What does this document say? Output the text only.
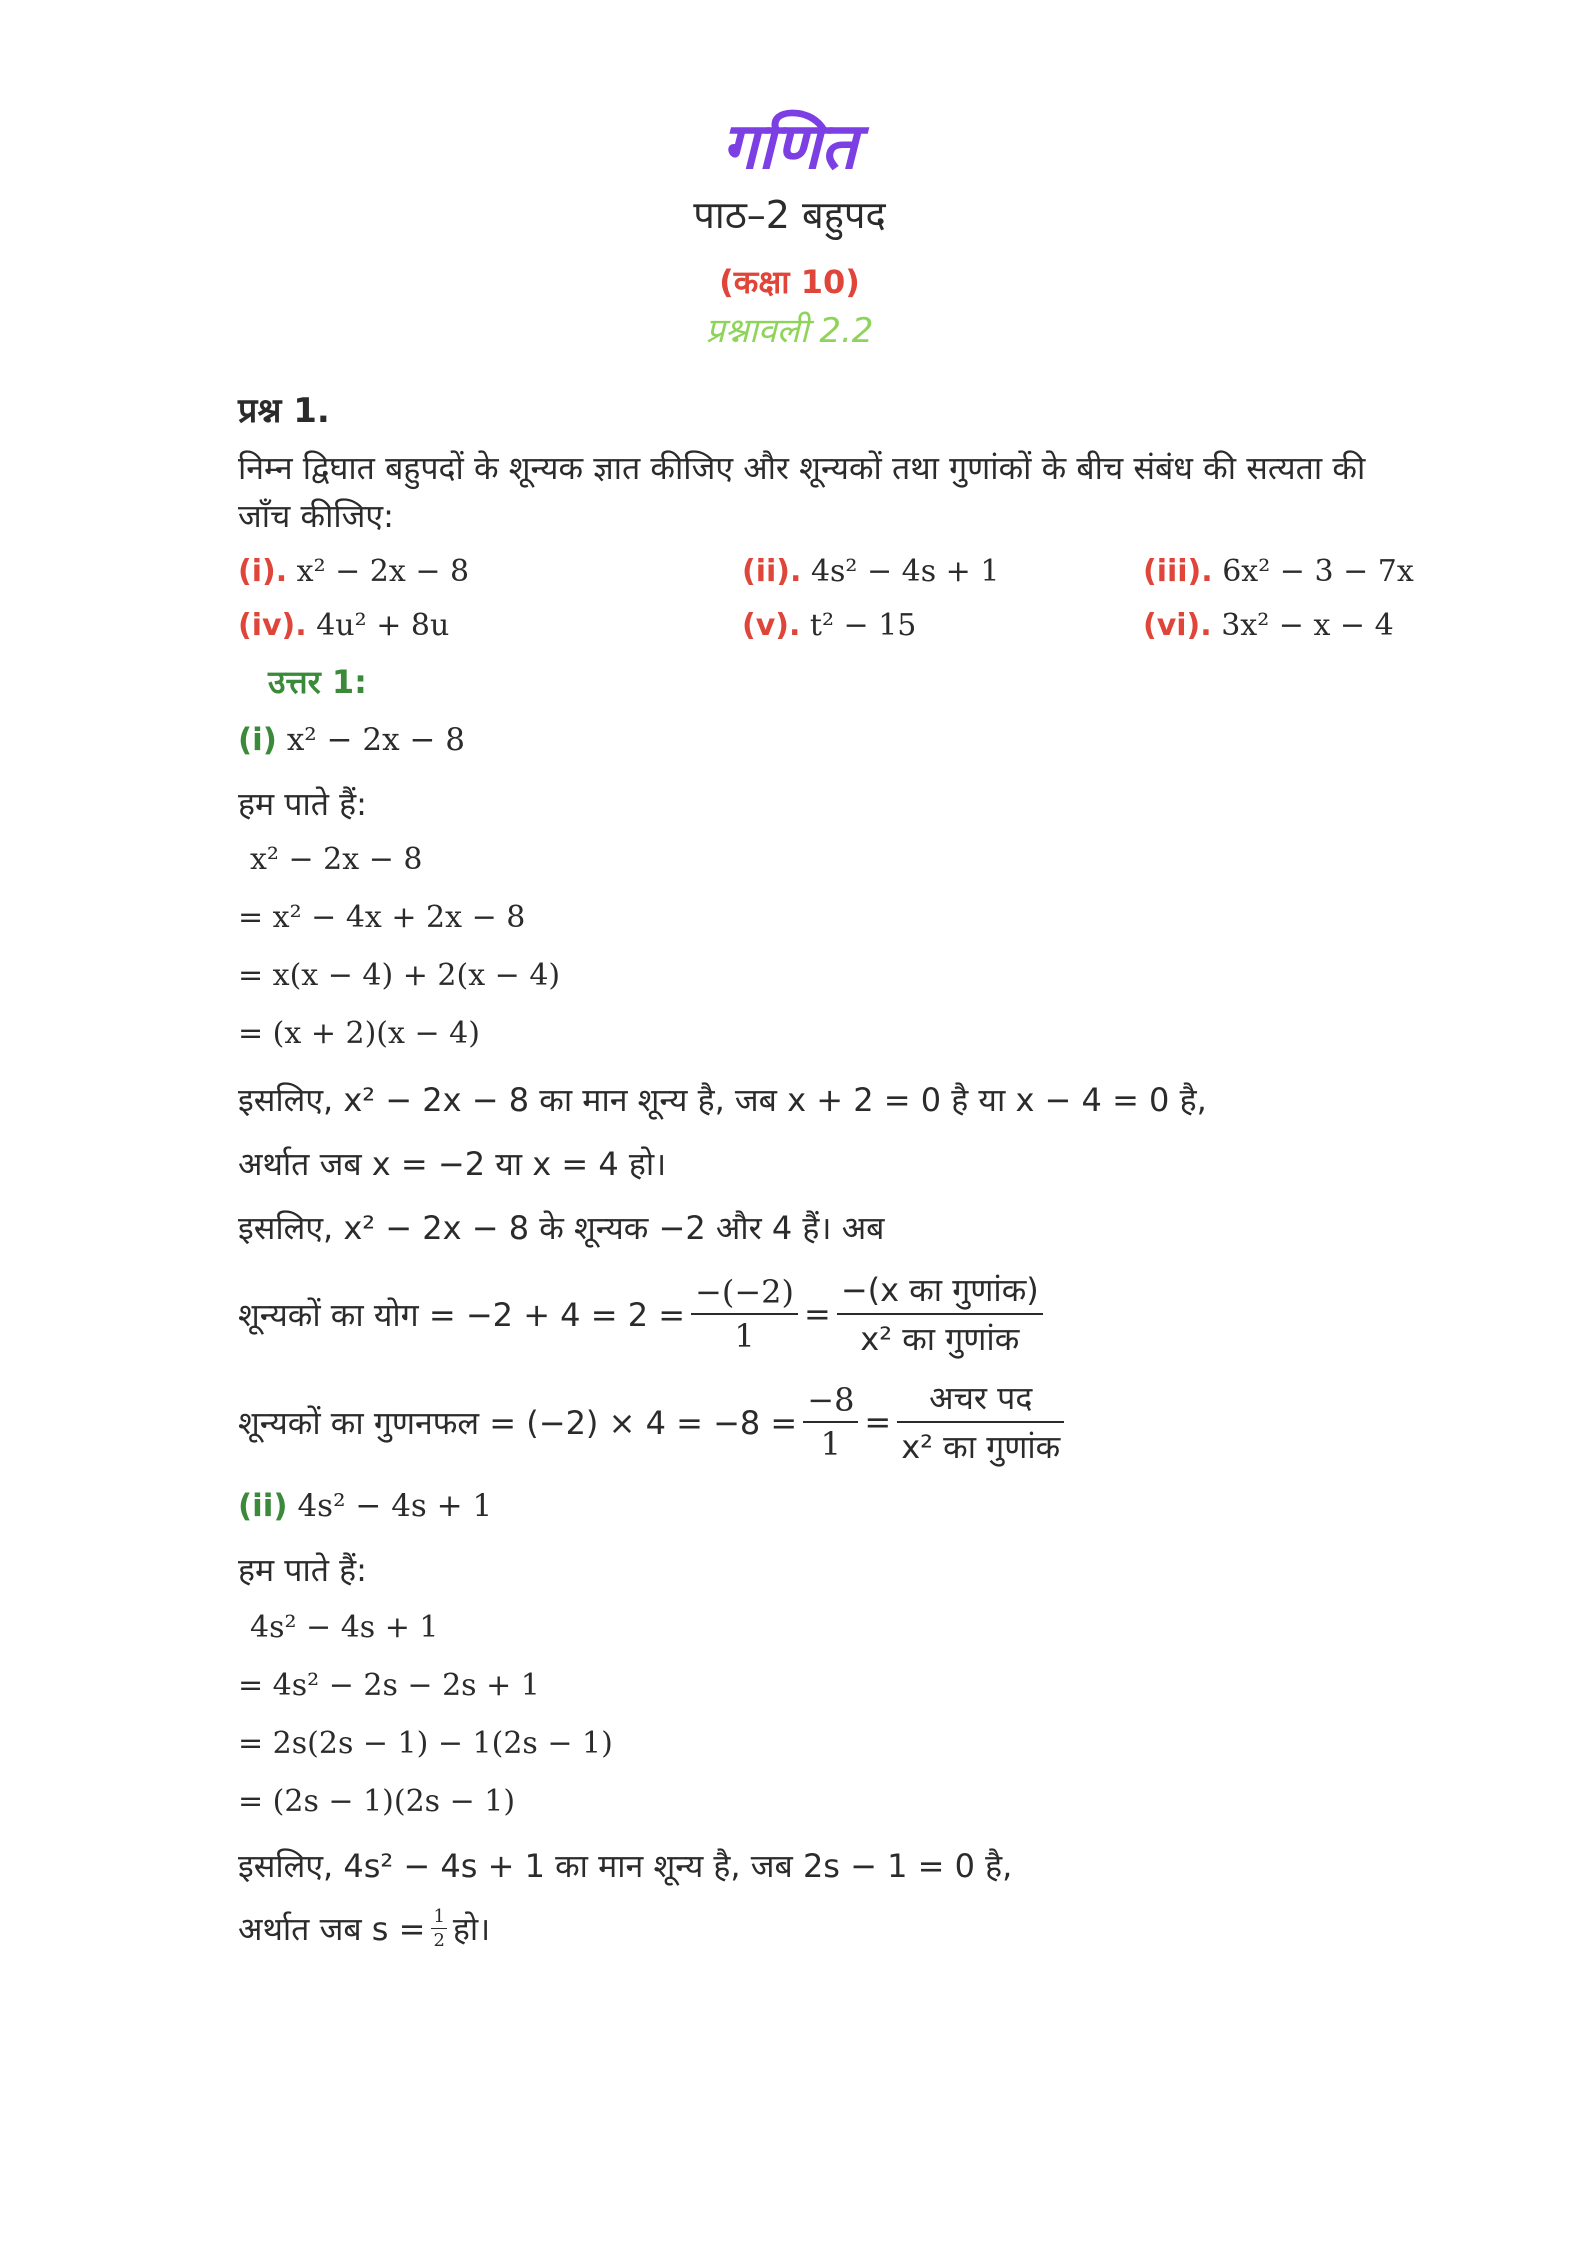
गणित
पाठ–2 बहुपद
(कक्षा 10)
प्रश्नावली 2.2
प्रश्न 1.
निम्न द्विघात बहुपदों के शून्यक ज्ञात कीजिए और शून्यकों तथा गुणांकों के बीच संबंध की सत्यता की
जाँच कीजिए:
(i). x² − 2x − 8	(ii). 4s² − 4s + 1	(iii). 6x² − 3 − 7x
(iv). 4u² + 8u	(v). t² − 15	(vi). 3x² − x − 4
उत्तर 1:
(i) x² − 2x − 8
हम पाते हैं:
x² − 2x − 8
= x² − 4x + 2x − 8
= x(x − 4) + 2(x − 4)
= (x + 2)(x − 4)
इसलिए, x² − 2x − 8 का मान शून्य है, जब x + 2 = 0 है या x − 4 = 0 है,
अर्थात जब x = −2 या x = 4 हो।
इसलिए, x² − 2x − 8 के शून्यक −2 और 4 हैं। अब
शून्यकों का योग = $-2 + 4 = 2 = \frac{-(-2)}{1} = \frac{\text{−(x का गुणांक)}}{\text{x² का गुणांक}}$
शून्यकों का गुणनफल = $(-2) \times 4 = -8 = \frac{-8}{1} = \frac{\text{अचर पद}}{\text{x² का गुणांक}}$
(ii) 4s² − 4s + 1
हम पाते हैं:
4s² − 4s + 1
= 4s² − 2s − 2s + 1
= 2s(2s − 1) − 1(2s − 1)
= (2s − 1)(2s − 1)
इसलिए, 4s² − 4s + 1 का मान शून्य है, जब 2s − 1 = 0 है,
अर्थात जब $s = \frac{1}{2}$ हो।
